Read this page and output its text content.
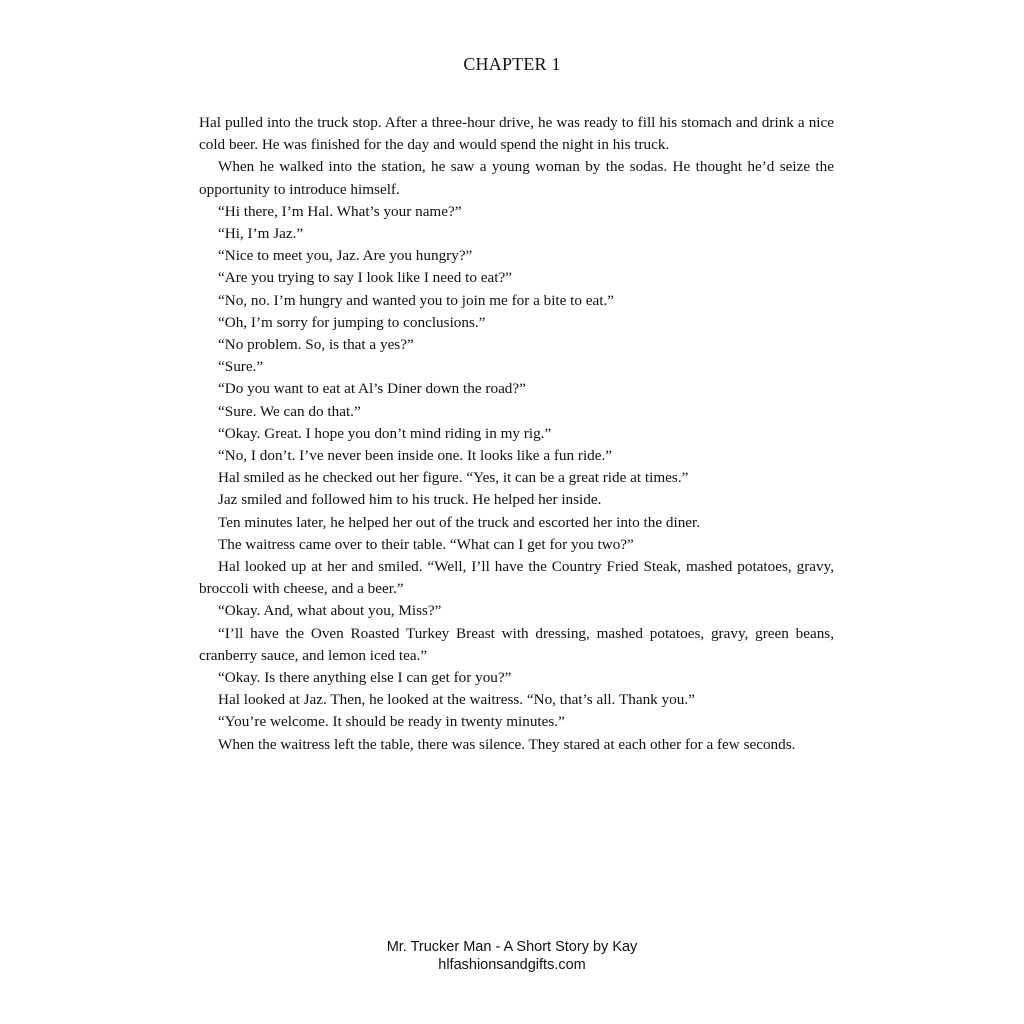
CHAPTER 1

Hal pulled into the truck stop. After a three-hour drive, he was ready to fill his stomach and drink a nice cold beer. He was finished for the day and would spend the night in his truck.

When he walked into the station, he saw a young woman by the sodas. He thought he’d seize the opportunity to introduce himself.

“Hi there, I’m Hal. What’s your name?”

“Hi, I’m Jaz.”

“Nice to meet you, Jaz. Are you hungry?”

“Are you trying to say I look like I need to eat?”

“No, no. I’m hungry and wanted you to join me for a bite to eat.”

“Oh, I’m sorry for jumping to conclusions.”

“No problem. So, is that a yes?”

“Sure.”

“Do you want to eat at Al’s Diner down the road?”

“Sure. We can do that.”

“Okay. Great. I hope you don’t mind riding in my rig.”

“No, I don’t. I’ve never been inside one. It looks like a fun ride.”

Hal smiled as he checked out her figure. “Yes, it can be a great ride at times.”

Jaz smiled and followed him to his truck. He helped her inside.

Ten minutes later, he helped her out of the truck and escorted her into the diner.

The waitress came over to their table. “What can I get for you two?”

Hal looked up at her and smiled. “Well, I’ll have the Country Fried Steak, mashed potatoes, gravy, broccoli with cheese, and a beer.”

“Okay. And, what about you, Miss?”

“I’ll have the Oven Roasted Turkey Breast with dressing, mashed potatoes, gravy, green beans, cranberry sauce, and lemon iced tea.”

“Okay. Is there anything else I can get for you?”

Hal looked at Jaz. Then, he looked at the waitress. “No, that’s all. Thank you.”

“You’re welcome. It should be ready in twenty minutes.”

When the waitress left the table, there was silence. They stared at each other for a few seconds.

Mr. Trucker Man - A Short Story by Kay
hlfashionsandgifts.com
